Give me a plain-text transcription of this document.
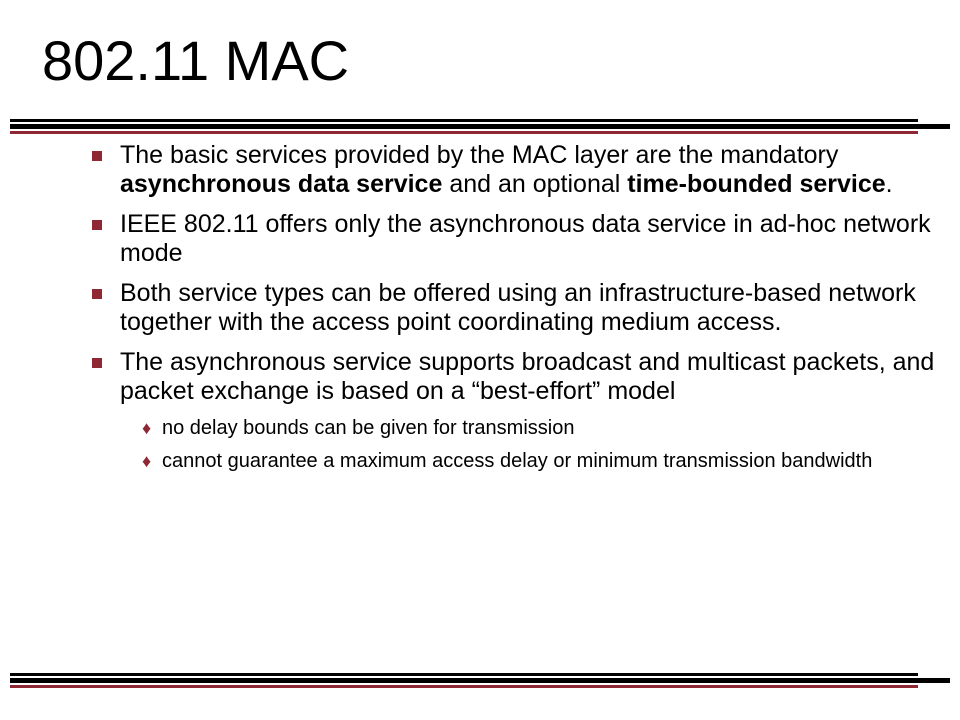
802.11 MAC
The basic services provided by the MAC layer are the mandatory asynchronous data service and an optional time-bounded service.
IEEE 802.11 offers only the asynchronous data service in ad-hoc network mode
Both service types can be offered using an infrastructure-based network together with the access point coordinating medium access.
The asynchronous service supports broadcast and multicast packets, and packet exchange is based on a “best-effort” model
♦ no delay bounds can be given for transmission
♦ cannot guarantee a maximum access delay or minimum transmission bandwidth
